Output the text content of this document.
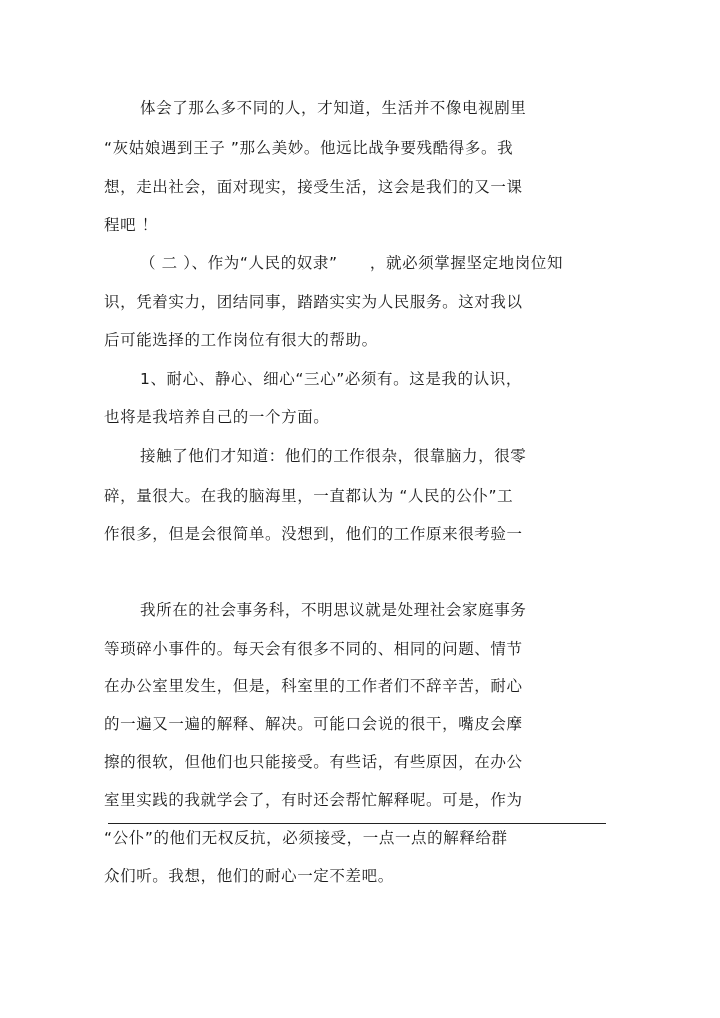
体会了那么多不同的人，才知道，生活并不像电视剧里
“灰姑娘遇到王子 ”那么美妙。他远比战争要残酷得多。我
想，走出社会，面对现实，接受生活，这会是我们的又一课
程吧 ！
（ 二 ）、作为“人民的奴隶”　　，就必须掌握坚定地岗位知
识，凭着实力，团结同事，踏踏实实为人民服务。这对我以
后可能选择的工作岗位有很大的帮助。
1、耐心、静心、细心“三心”必须有。这是我的认识，
也将是我培养自己的一个方面。
接触了他们才知道：他们的工作很杂，很靠脑力，很零
碎，量很大。在我的脑海里，一直都认为 “人民的公仆”工
作很多，但是会很简单。没想到，他们的工作原来很考验一
我所在的社会事务科，不明思议就是处理社会家庭事务
等琐碎小事件的。每天会有很多不同的、相同的问题、情节
在办公室里发生，但是，科室里的工作者们不辞辛苦，耐心
的一遍又一遍的解释、解决。可能口会说的很干，嘴皮会摩
擦的很软，但他们也只能接受。有些话，有些原因，在办公
室里实践的我就学会了，有时还会帮忙解释呢。可是，作为
“公仆”的他们无权反抗，必须接受，一点一点的解释给群
众们听。我想，他们的耐心一定不差吧。
